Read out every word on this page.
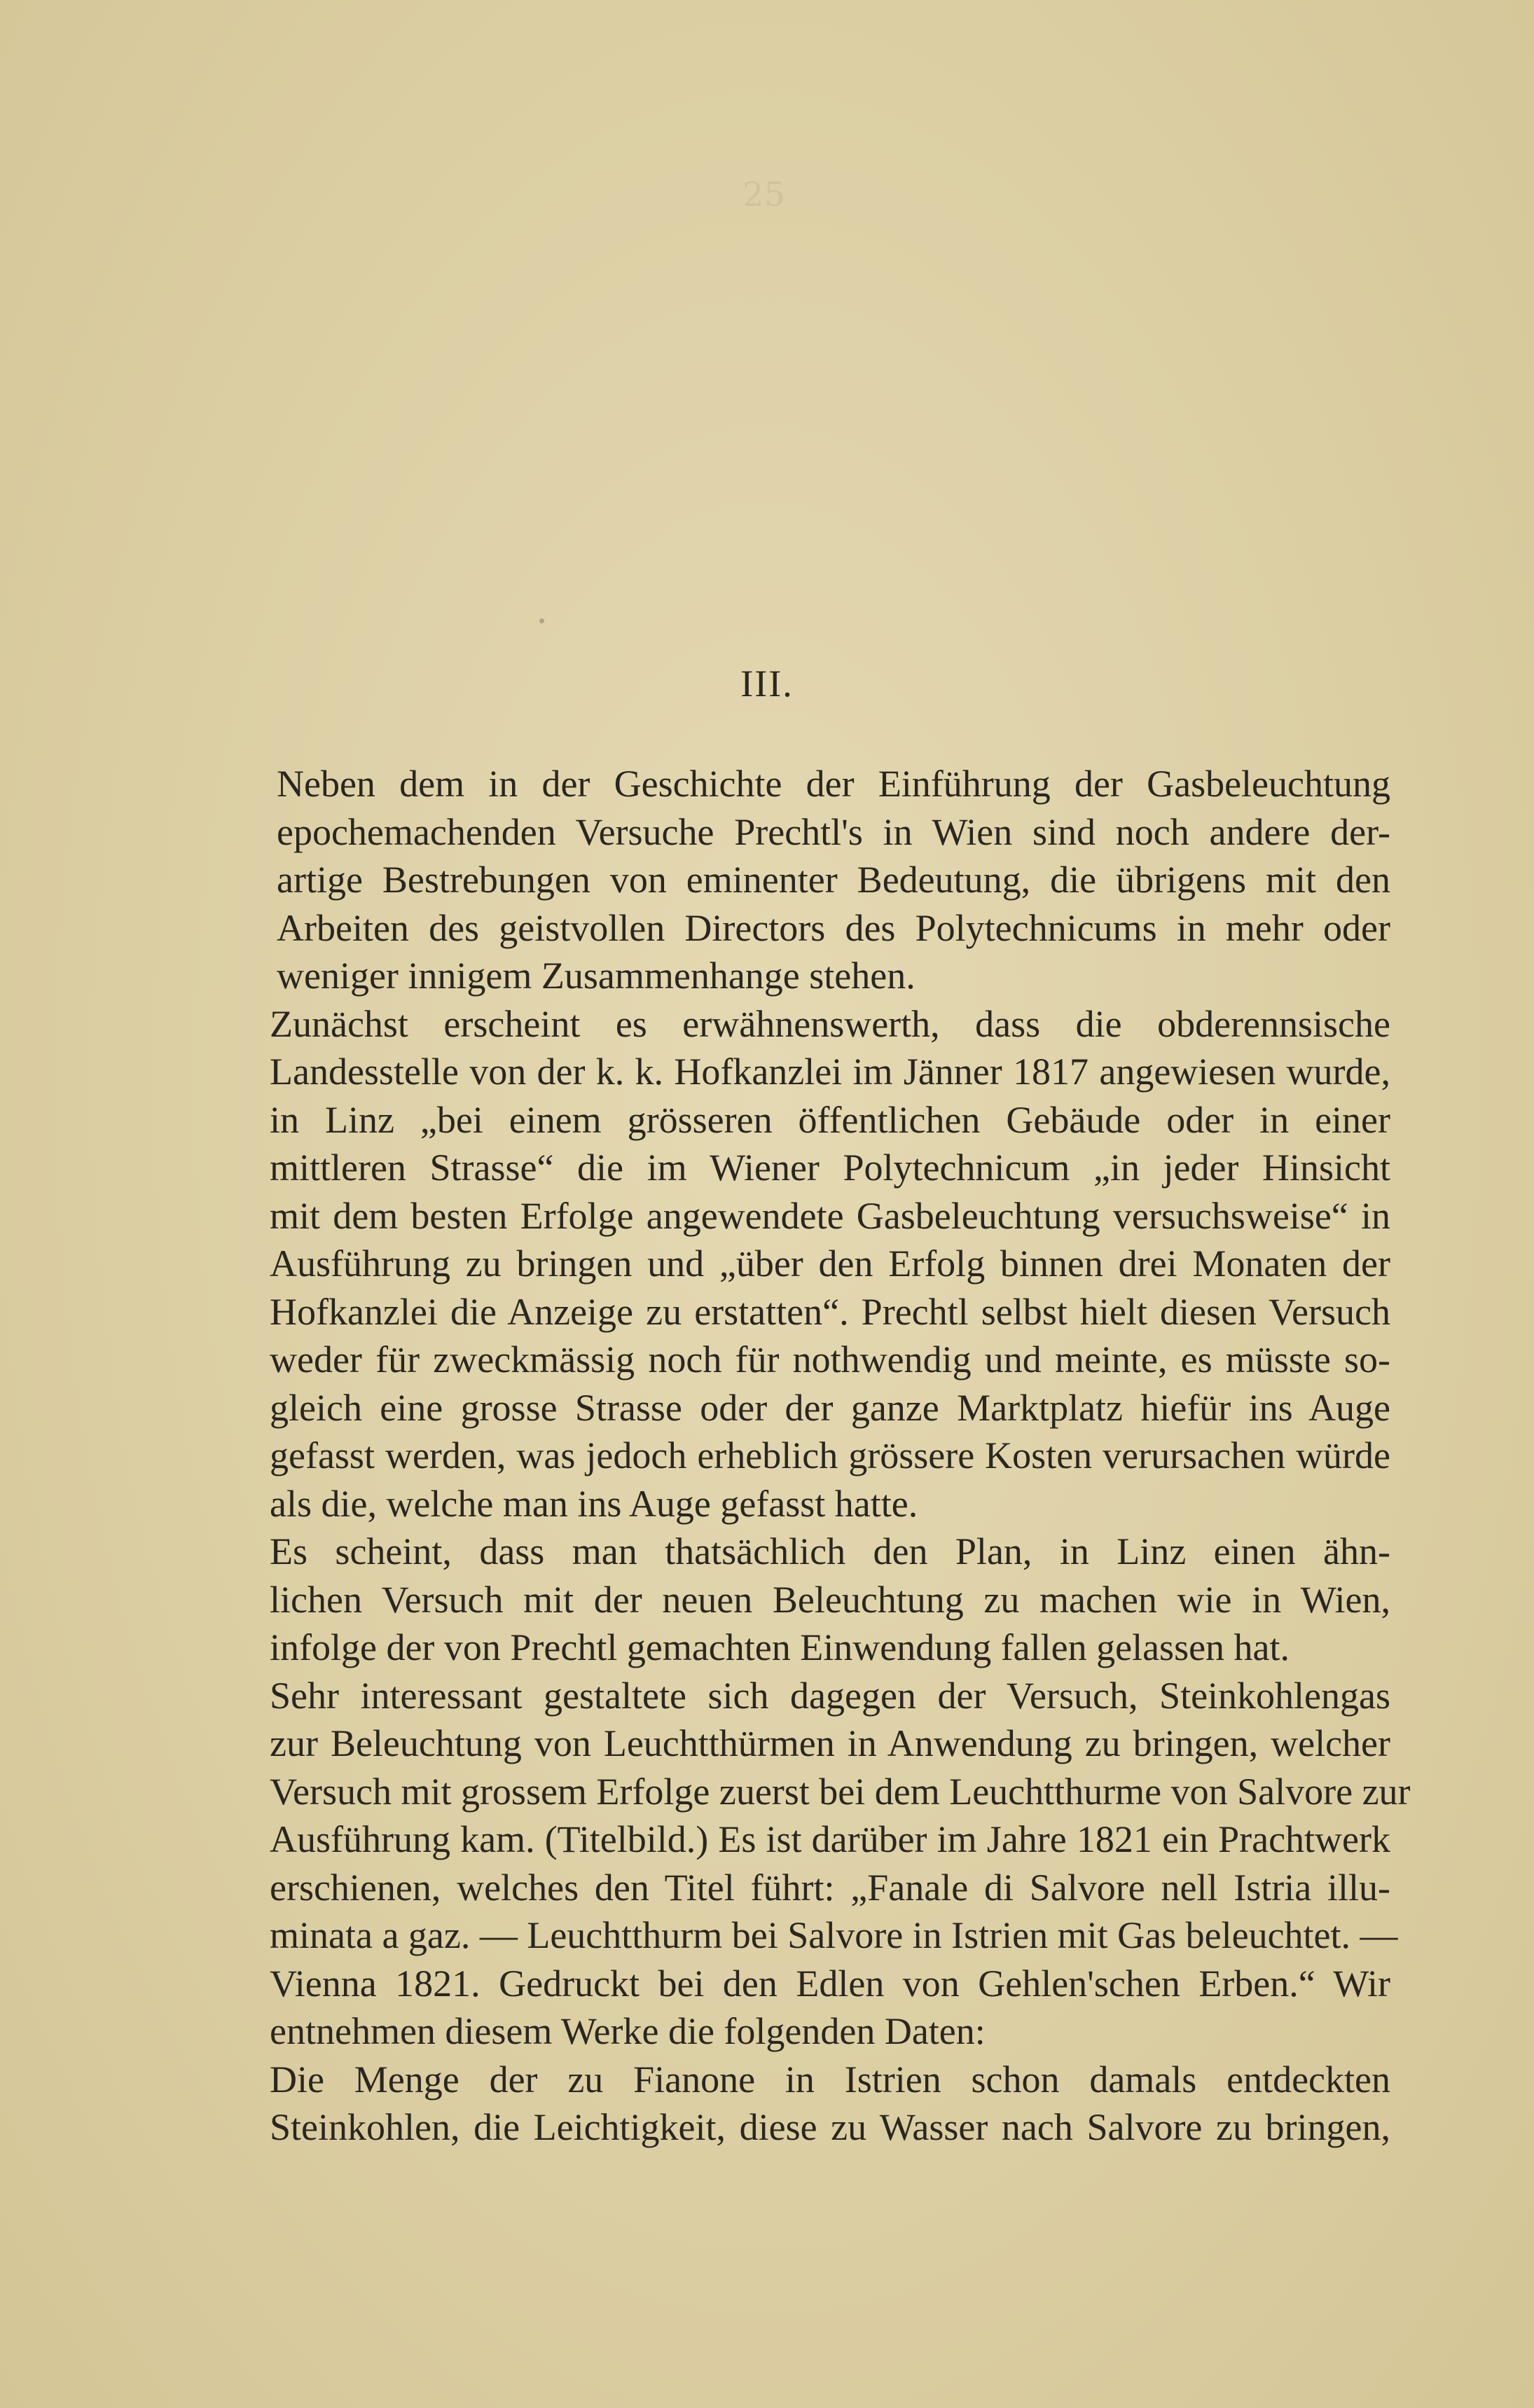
25
III.

Neben dem in der Geschichte der Einführung der Gasbeleuchtung
epochemachenden Versuche Prechtl's in Wien sind noch andere der-
artige Bestrebungen von eminenter Bedeutung, die übrigens mit den
Arbeiten des geistvollen Directors des Polytechnicums in mehr oder
weniger innigem Zusammenhange stehen.

Zunächst erscheint es erwähnenswerth, dass die obderennsische
Landesstelle von der k. k. Hofkanzlei im Jänner 1817 angewiesen wurde,
in Linz „bei einem grösseren öffentlichen Gebäude oder in einer
mittleren Strasse“ die im Wiener Polytechnicum „in jeder Hinsicht
mit dem besten Erfolge angewendete Gasbeleuchtung versuchsweise“ in
Ausführung zu bringen und „über den Erfolg binnen drei Monaten der
Hofkanzlei die Anzeige zu erstatten“. Prechtl selbst hielt diesen Versuch
weder für zweckmässig noch für nothwendig und meinte, es müsste so-
gleich eine grosse Strasse oder der ganze Marktplatz hiefür ins Auge
gefasst werden, was jedoch erheblich grössere Kosten verursachen würde
als die, welche man ins Auge gefasst hatte.

Es scheint, dass man thatsächlich den Plan, in Linz einen ähn-
lichen Versuch mit der neuen Beleuchtung zu machen wie in Wien,
infolge der von Prechtl gemachten Einwendung fallen gelassen hat.

Sehr interessant gestaltete sich dagegen der Versuch, Steinkohlengas
zur Beleuchtung von Leuchtthürmen in Anwendung zu bringen, welcher
Versuch mit grossem Erfolge zuerst bei dem Leuchtthurme von Salvore zur
Ausführung kam. (Titelbild.) Es ist darüber im Jahre 1821 ein Prachtwerk
erschienen, welches den Titel führt: „Fanale di Salvore nell Istria illu-
minata a gaz. — Leuchtthurm bei Salvore in Istrien mit Gas beleuchtet. —
Vienna 1821. Gedruckt bei den Edlen von Gehlen'schen Erben.“ Wir
entnehmen diesem Werke die folgenden Daten:

Die Menge der zu Fianone in Istrien schon damals entdeckten
Steinkohlen, die Leichtigkeit, diese zu Wasser nach Salvore zu bringen,
